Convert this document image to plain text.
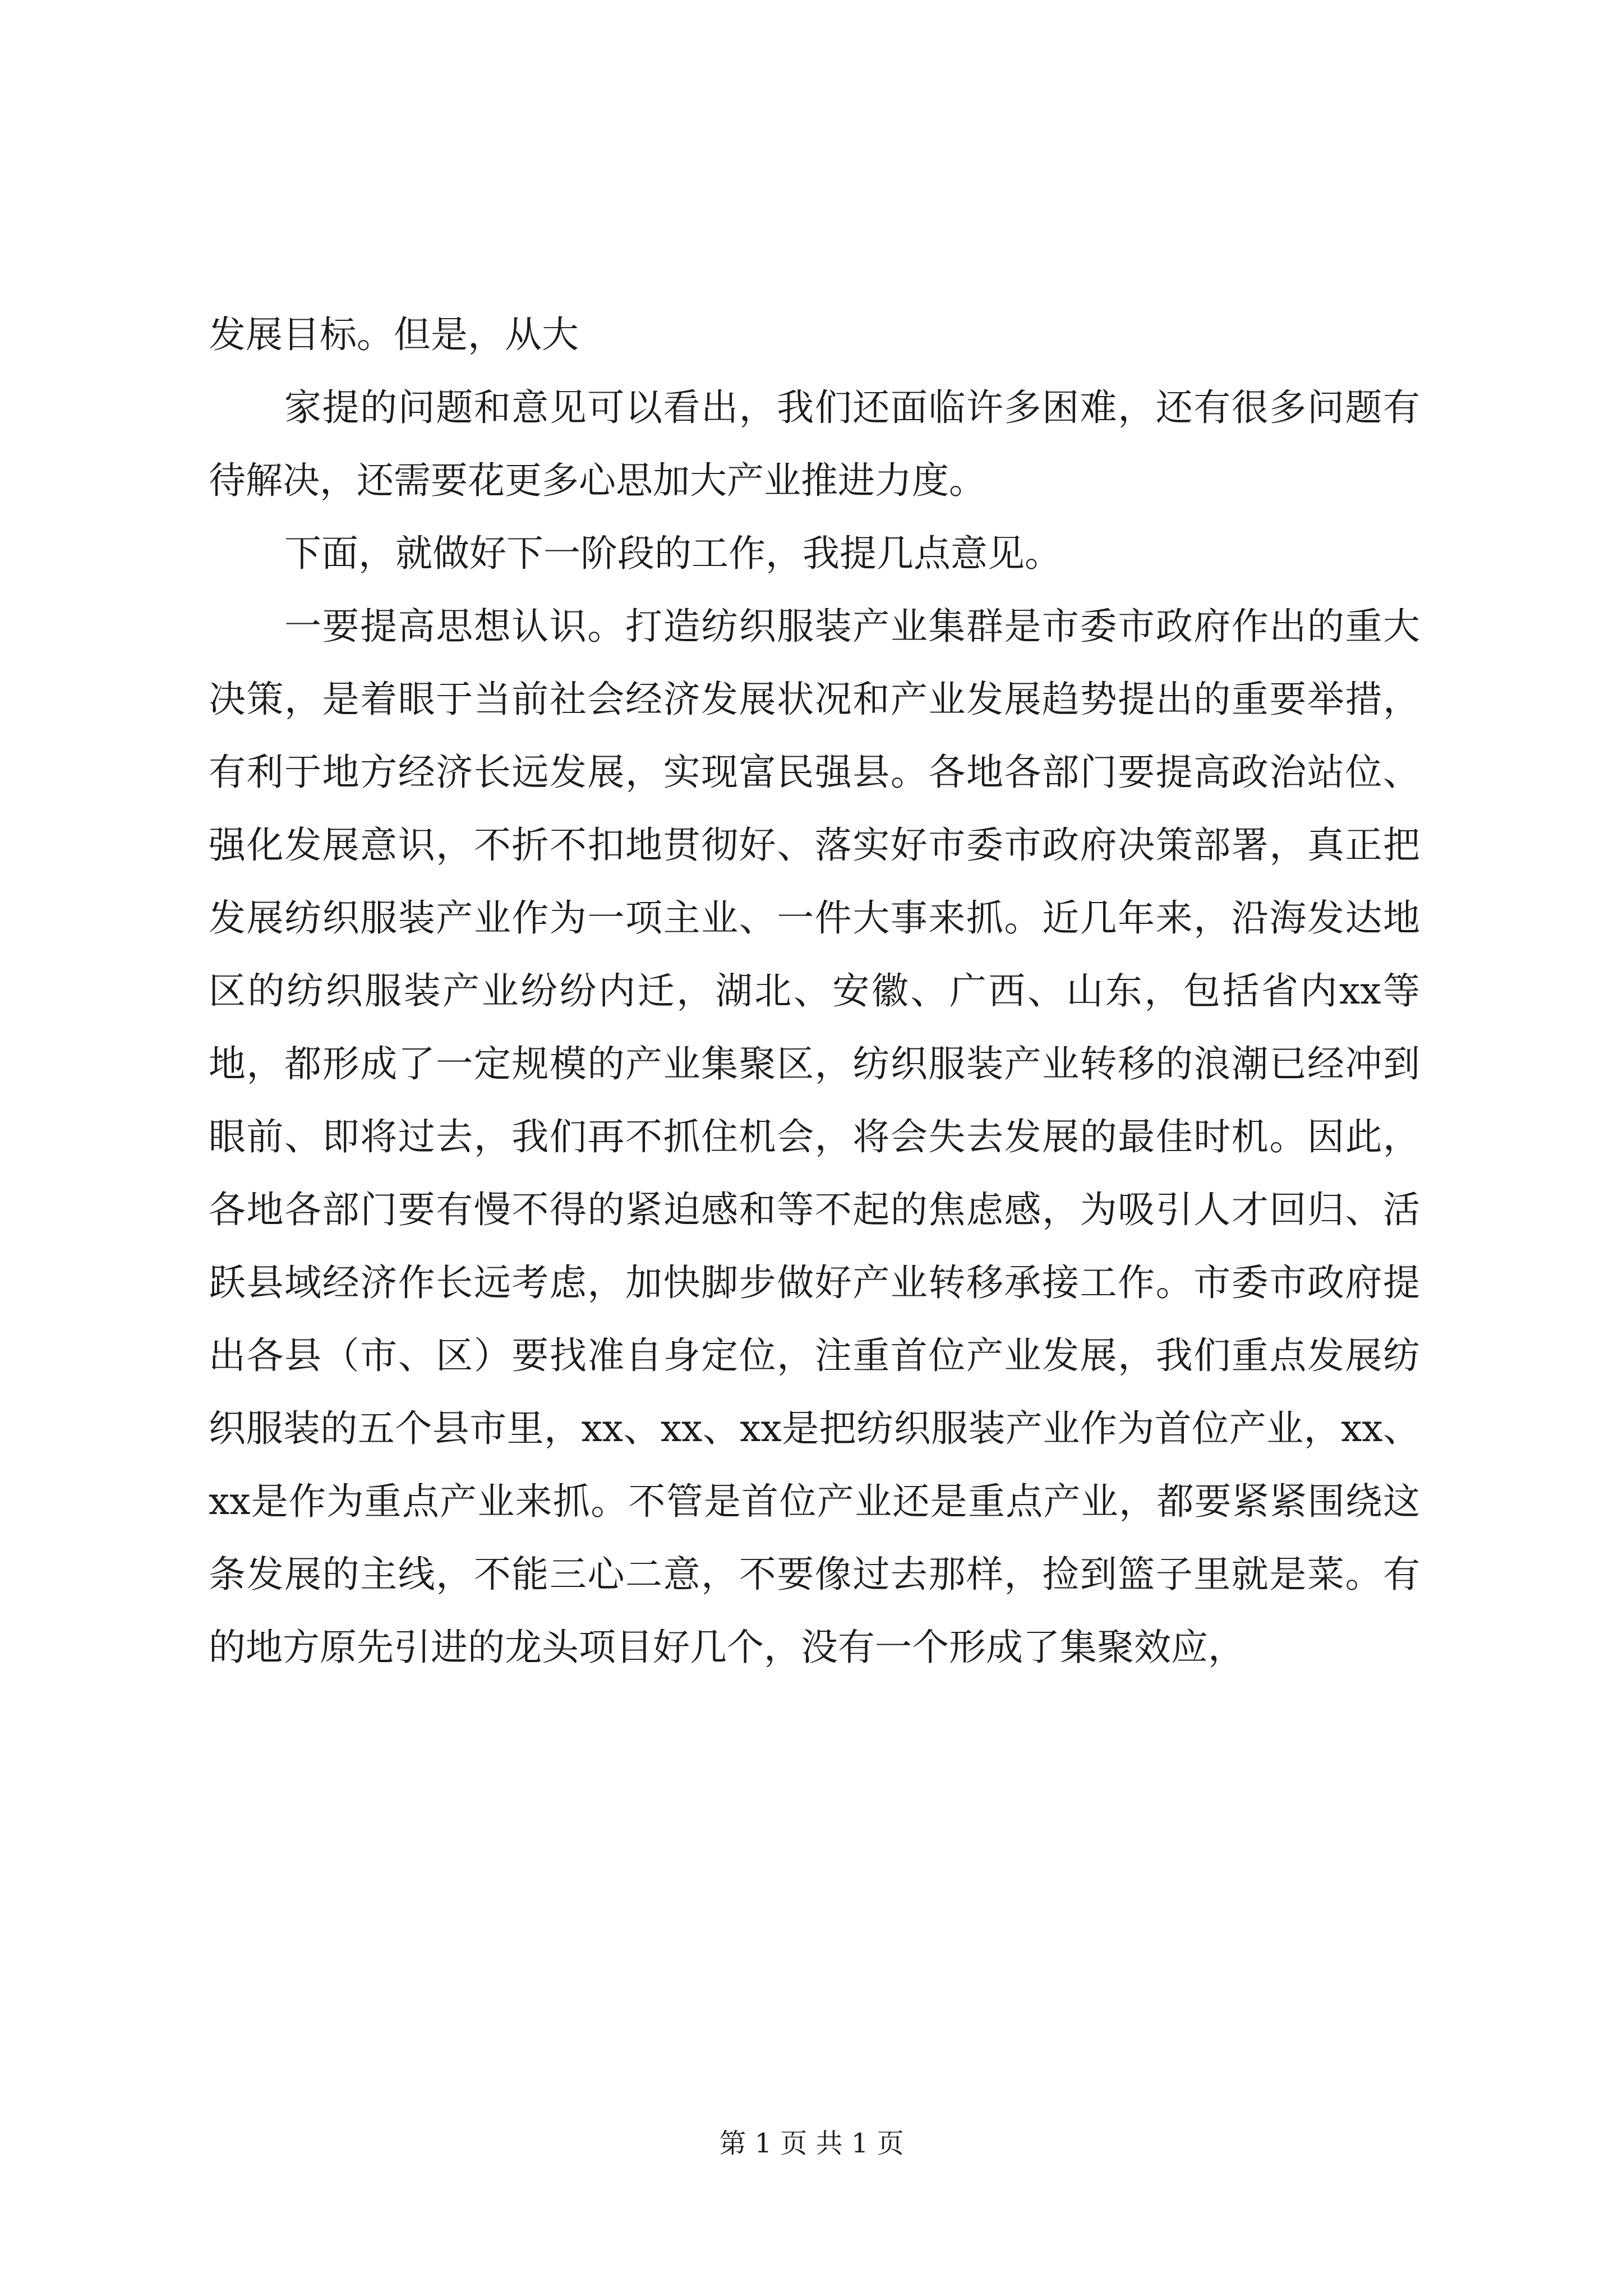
发展目标。但是，从大

家提的问题和意见可以看出，我们还面临许多困难，还有很多问题有待解决，还需要花更多心思加大产业推进力度。

下面，就做好下一阶段的工作，我提几点意见。

一要提高思想认识。打造纺织服装产业集群是市委市政府作出的重大决策，是着眼于当前社会经济发展状况和产业发展趋势提出的重要举措，有利于地方经济长远发展，实现富民强县。各地各部门要提高政治站位、强化发展意识，不折不扣地贯彻好、落实好市委市政府决策部署，真正把发展纺织服装产业作为一项主业、一件大事来抓。近几年来，沿海发达地区的纺织服装产业纷纷内迁，湖北、安徽、广西、山东，包括省内xx等地，都形成了一定规模的产业集聚区，纺织服装产业转移的浪潮已经冲到眼前、即将过去，我们再不抓住机会，将会失去发展的最佳时机。因此，各地各部门要有慢不得的紧迫感和等不起的焦虑感，为吸引人才回归、活跃县域经济作长远考虑，加快脚步做好产业转移承接工作。市委市政府提出各县（市、区）要找准自身定位，注重首位产业发展，我们重点发展纺织服装的五个县市里，xx、xx、xx是把纺织服装产业作为首位产业，xx、xx是作为重点产业来抓。不管是首位产业还是重点产业，都要紧紧围绕这条发展的主线，不能三心二意，不要像过去那样，捡到篮子里就是菜。有的地方原先引进的龙头项目好几个，没有一个形成了集聚效应，

第 1 页 共 1 页
